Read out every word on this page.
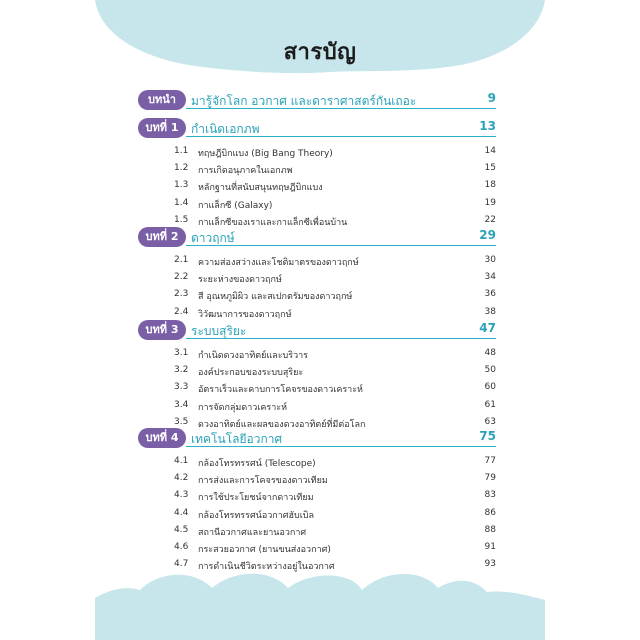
สารบัญ
บทนำ	มารู้จักโลก อวกาศ และดาราศาสตร์กันเถอะ	9
บทที่ 1	กำเนิดเอกภพ	13
1.1 ทฤษฎีบิกแบง (Big Bang Theory)	14
1.2 การเกิดอนุภาคในเอกภพ	15
1.3 หลักฐานที่สนับสนุนทฤษฎีบิกแบง	18
1.4 กาแล็กซี (Galaxy)	19
1.5 กาแล็กซีของเราและกาแล็กซีเพื่อนบ้าน	22
บทที่ 2	ดาวฤกษ์	29
2.1 ความส่องสว่างและโชติมาตรของดาวฤกษ์	30
2.2 ระยะห่างของดาวฤกษ์	34
2.3 สี อุณหภูมิผิว และสเปกตรัมของดาวฤกษ์	36
2.4 วิวัฒนาการของดาวฤกษ์	38
บทที่ 3	ระบบสุริยะ	47
3.1 กำเนิดดวงอาทิตย์และบริวาร	48
3.2 องค์ประกอบของระบบสุริยะ	50
3.3 อัตราเร็วและคาบการโคจรของดาวเคราะห์	60
3.4 การจัดกลุ่มดาวเคราะห์	61
3.5 ดวงอาทิตย์และผลของดวงอาทิตย์ที่มีต่อโลก	63
บทที่ 4	เทคโนโลยีอวกาศ	75
4.1 กล้องโทรทรรศน์ (Telescope)	77
4.2 การส่งและการโคจรของดาวเทียม	79
4.3 การใช้ประโยชน์จากดาวเทียม	83
4.4 กล้องโทรทรรศน์อวกาศฮับเบิล	86
4.5 สถานีอวกาศและยานอวกาศ	88
4.6 กระสวยอวกาศ (ยานขนส่งอวกาศ)	91
4.7 การดำเนินชีวิตระหว่างอยู่ในอวกาศ	93
